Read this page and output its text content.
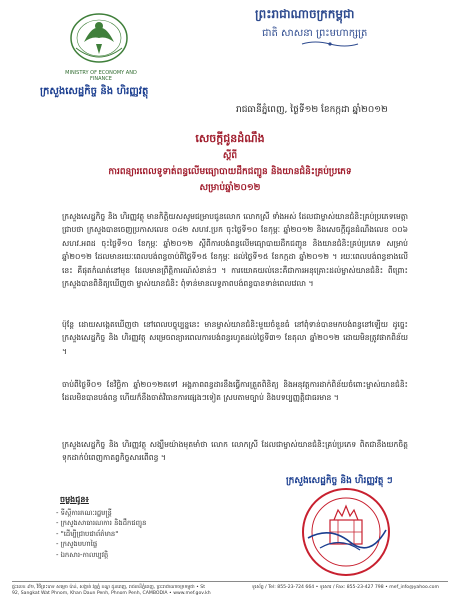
MINISTRY OF ECONOMY AND FINANCE
ក្រសួងសេដ្ឋកិច្ច និង ហិរញ្ញវត្ថុ
ព្រះរាជាណាចក្រកម្ពុជា
ជាតិ សាសនា ព្រះមហាក្សត្រ
រាជធានីភ្នំពេញ, ថ្ងៃទី១២ ខែកក្កដា ឆ្នាំ២០១២
សេចក្ដីជូនដំណឹង
ស្ដីពី
ការពន្យារពេលទូទាត់ពន្ធលើមធ្យោបាយដឹកជញ្ជូន និងយានជំនិះគ្រប់ប្រភេទ
សម្រាប់ឆ្នាំ២០១២
ក្រសួងសេដ្ឋកិច្ច និង ហិរញ្ញវត្ថុ មានកិត្តិយសសូមជម្រាបជូនលោក លោកស្រី ទាំងអស់ ដែលជាម្ចាស់យានជំនិះគ្រប់ប្រភេទមេត្តាជ្រាបថា ក្រសួងបានចេញប្រកាសលេខ ០៤២ សហវ.ប្រក ចុះថ្ងៃទី១០ ខែកុម្ភៈ ឆ្នាំ២០១២ និងសេចក្ដីជូនដំណឹងលេខ ០០៦ សហវ.អពដ ចុះថ្ងៃទី១០ ខែកុម្ភៈ ឆ្នាំ២០១២ ស្ដីពីការបង់ពន្ធលើមធ្យោបាយដឹកជញ្ជូន និងយានជំនិះគ្រប់ប្រភេទ សម្រាប់ឆ្នាំ២០១២ ដែលមានរយៈពេលបង់ពន្ធចាប់ពីថ្ងៃទី១៥ ខែកុម្ភៈ ដល់ថ្ងៃទី១៥ ខែកក្កដា ឆ្នាំ២០១២ ។ រយៈពេលបង់ពន្ធខាងលើនេះ គឺផុតកំណត់នៅមុខ ដែលមានព្រឹត្តិការណ៍សំខាន់ៗ ។ ការយោគយល់នេះគឺជាការអនុគ្រោះដល់ម្ចាស់យានជំនិះ ពីព្រោះក្រសួងបានពិនិត្យឃើញថា ម្ចាស់យានជំនិះ ពុំទាន់មានលទ្ធភាពបង់ពន្ធបានទាន់ពេលវេលា ។
ប៉ុន្តែ ដោយសង្កេតឃើញថា នៅពេលបច្ចុប្បន្ននេះ មានម្ចាស់យានជំនិះមួយចំនួនធំ នៅពុំទាន់បានមកបង់ពន្ធនៅឡើយ ដូច្នេះ ក្រសួងសេដ្ឋកិច្ច និង ហិរញ្ញវត្ថុ សម្រេចពន្យារពេលការបង់ពន្ធរហូតដល់ថ្ងៃទី៣១ ខែតុលា ឆ្នាំ២០១២ ដោយមិនត្រូវផាកពិន័យ ។
ចាប់ពីថ្ងៃទី០១ ខែវិច្ឆិកា ឆ្នាំ២០១២តទៅ អង្គភាពពន្ធដារនឹងធ្វើការត្រួតពិនិត្យ និងអនុវត្តការដាក់ពិន័យចំពោះម្ចាស់យានជំនិះដែលមិនបានបង់ពន្ធ ហើយក៏នឹងចាត់វិធានការផ្សេងៗទៀត ស្របតាមច្បាប់ និងបទប្បញ្ញត្តិជាធរមាន ។
ក្រសួងសេដ្ឋកិច្ច និង ហិរញ្ញវត្ថុ សង្ឃឹមយ៉ាងមុតមាំថា លោក លោកស្រី ដែលជាម្ចាស់យានជំនិះគ្រប់ប្រភេទ ពិតជានឹងយកចិត្តទុកដាក់បំពេញកាតព្វកិច្ចសារពើពន្ធ ។
ក្រសួងសេដ្ឋកិច្ច និង ហិរញ្ញវត្ថុ ៗ
ចម្លងជូន៖
- ទីស្ដីការគណៈរដ្ឋមន្ត្រី
- ក្រសួងសាធារណការ និងដឹកជញ្ជូន
- "ដើម្បីជ្រាបជាព័ត៌មាន"
- ក្រសួងមហាផ្ទៃ
- ឯកសារ-កាលប្បវត្តិ
ផ្ទះលេខ ៩២, វិថីព្រះបាទ សម្ដេច ប៉ាន់, សង្កាត់ វត្តភ្នំ ខណ្ឌ ដូនពេញ, រាជធានីភ្នំពេញ, ព្រះរាជាណាចក្រកម្ពុជា • St 92, Sangkat Wat Phnom, Khan Daun Penh, Phnom Penh, CAMBODIA • www.mef.gov.kh
ទូរស័ព្ទ / Tel: 855-23-724 664 • ទូរសារ / Fax: 855-23-427 798 • mef_info@yahoo.com
